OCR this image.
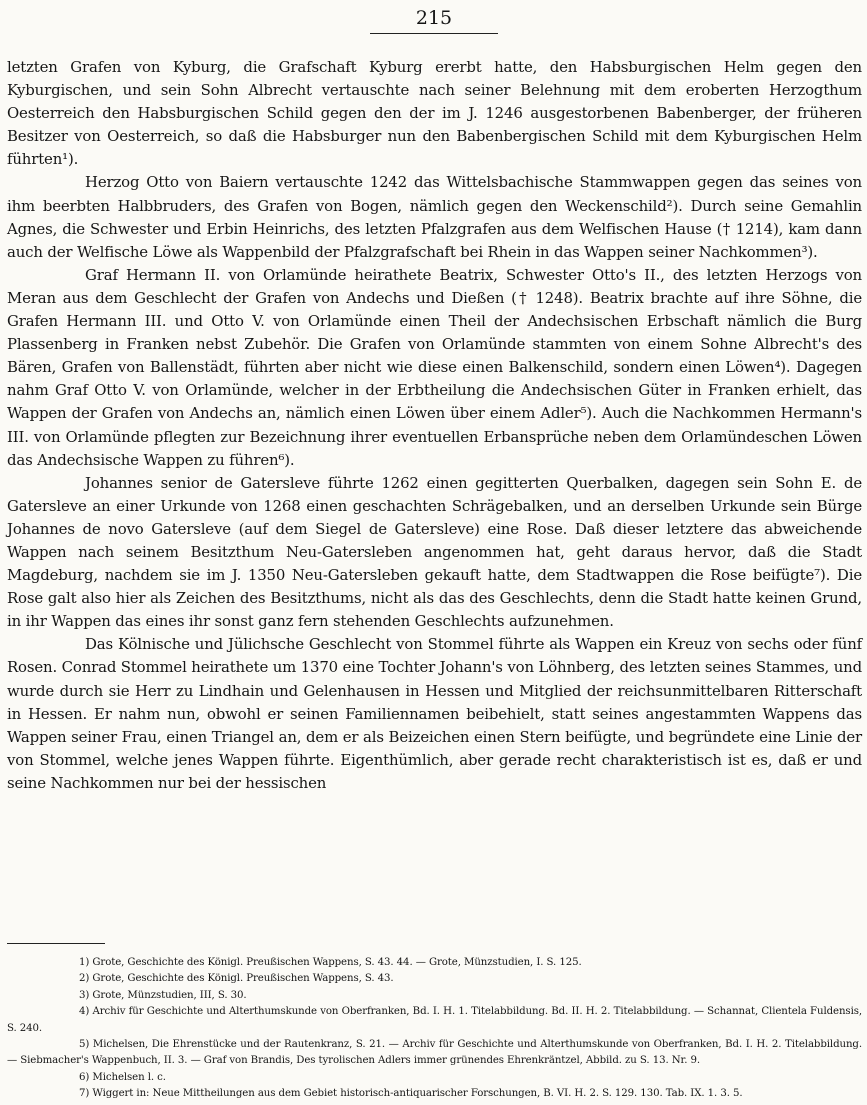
215

letzten Grafen von Kyburg, die Grafschaft Kyburg ererbt hatte, den Habsburgischen Helm gegen den Kyburgischen, und sein Sohn Albrecht vertauschte nach seiner Belehnung mit dem eroberten Herzogthum Oesterreich den Habsburgischen Schild gegen den der im J. 1246 ausgestorbenen Babenberger, der früheren Besitzer von Oesterreich, so daß die Habsburger nun den Babenbergischen Schild mit dem Kyburgischen Helm führten¹).

Herzog Otto von Baiern vertauschte 1242 das Wittelsbachische Stammwappen gegen das seines von ihm beerbten Halbbruders, des Grafen von Bogen, nämlich gegen den Weckenschild²). Durch seine Gemahlin Agnes, die Schwester und Erbin Heinrichs, des letzten Pfalzgrafen aus dem Welfischen Hause († 1214), kam dann auch der Welfische Löwe als Wappenbild der Pfalzgrafschaft bei Rhein in das Wappen seiner Nachkommen³).

Graf Hermann II. von Orlamünde heirathete Beatrix, Schwester Otto's II., des letzten Herzogs von Meran aus dem Geschlecht der Grafen von Andechs und Dießen († 1248). Beatrix brachte auf ihre Söhne, die Grafen Hermann III. und Otto V. von Orlamünde einen Theil der Andechsischen Erbschaft nämlich die Burg Plassenberg in Franken nebst Zubehör. Die Grafen von Orlamünde stammten von einem Sohne Albrecht's des Bären, Grafen von Ballenstädt, führten aber nicht wie diese einen Balkenschild, sondern einen Löwen⁴). Dagegen nahm Graf Otto V. von Orlamünde, welcher in der Erbtheilung die Andechsischen Güter in Franken erhielt, das Wappen der Grafen von Andechs an, nämlich einen Löwen über einem Adler⁵). Auch die Nachkommen Hermann's III. von Orlamünde pflegten zur Bezeichnung ihrer eventuellen Erbansprüche neben dem Orlamündeschen Löwen das Andechsische Wappen zu führen⁶).

Johannes senior de Gatersleve führte 1262 einen gegitterten Querbalken, dagegen sein Sohn E. de Gatersleve an einer Urkunde von 1268 einen geschachten Schrägebalken, und an derselben Urkunde sein Bürge Johannes de novo Gatersleve (auf dem Siegel de Gatersleve) eine Rose. Daß dieser letztere das abweichende Wappen nach seinem Besitzthum Neu-Gatersleben angenommen hat, geht daraus hervor, daß die Stadt Magdeburg, nachdem sie im J. 1350 Neu-Gatersleben gekauft hatte, dem Stadtwappen die Rose beifügte⁷). Die Rose galt also hier als Zeichen des Besitzthums, nicht als das des Geschlechts, denn die Stadt hatte keinen Grund, in ihr Wappen das eines ihr sonst ganz fern stehenden Geschlechts aufzunehmen.

Das Kölnische und Jülichsche Geschlecht von Stommel führte als Wappen ein Kreuz von sechs oder fünf Rosen. Conrad Stommel heirathete um 1370 eine Tochter Johann's von Löhnberg, des letzten seines Stammes, und wurde durch sie Herr zu Lindhain und Gelenhausen in Hessen und Mitglied der reichsunmittelbaren Ritterschaft in Hessen. Er nahm nun, obwohl er seinen Familiennamen beibehielt, statt seines angestammten Wappens das Wappen seiner Frau, einen Triangel an, dem er als Beizeichen einen Stern beifügte, und begründete eine Linie der von Stommel, welche jenes Wappen führte. Eigenthümlich, aber gerade recht charakteristisch ist es, daß er und seine Nachkommen nur bei der hessischen

1) Grote, Geschichte des Königl. Preußischen Wappens, S. 43. 44. — Grote, Münzstudien, I. S. 125.

2) Grote, Geschichte des Königl. Preußischen Wappens, S. 43.

3) Grote, Münzstudien, III, S. 30.

4) Archiv für Geschichte und Alterthumskunde von Oberfranken, Bd. I. H. 1. Titelabbildung. Bd. II. H. 2. Titelabbildung. — Schannat, Clientela Fuldensis, S. 240.

5) Michelsen, Die Ehrenstücke und der Rautenkranz, S. 21. — Archiv für Geschichte und Alterthumskunde von Oberfranken, Bd. I. H. 2. Titelabbildung. — Siebmacher's Wappenbuch, II. 3. — Graf von Brandis, Des tyrolischen Adlers immer grünendes Ehrenkräntzel, Abbild. zu S. 13. Nr. 9.

6) Michelsen l. c.

7) Wiggert in: Neue Mittheilungen aus dem Gebiet historisch-antiquarischer Forschungen, B. VI. H. 2. S. 129. 130. Tab. IX. 1. 3. 5.
